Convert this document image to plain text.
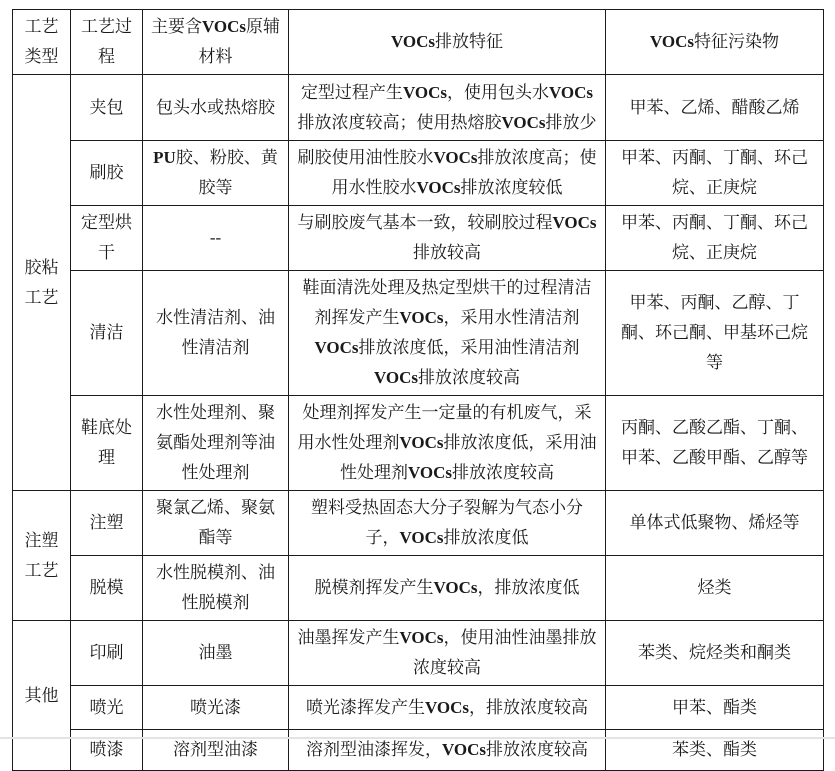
工艺类型	工艺过程	主要含VOCs原辅材料	VOCs排放特征	VOCs特征污染物
胶粘工艺	夹包	包头水或热熔胶	定型过程产生VOCs，使用包头水VOCs排放浓度较高；使用热熔胶VOCs排放少	甲苯、乙烯、醋酸乙烯
	刷胶	PU胶、粉胶、黄胶等	刷胶使用油性胶水VOCs排放浓度高；使用水性胶水VOCs排放浓度较低	甲苯、丙酮、丁酮、环己烷、正庚烷
	定型烘干	--	与刷胶废气基本一致，较刷胶过程VOCs排放较高	甲苯、丙酮、丁酮、环己烷、正庚烷
	清洁	水性清洁剂、油性清洁剂	鞋面清洗处理及热定型烘干的过程清洁剂挥发产生VOCs，采用水性清洁剂VOCs排放浓度低，采用油性清洁剂VOCs排放浓度较高	甲苯、丙酮、乙醇、丁酮、环己酮、甲基环己烷等
	鞋底处理	水性处理剂、聚氨酯处理剂等油性处理剂	处理剂挥发产生一定量的有机废气，采用水性处理剂VOCs排放浓度低，采用油性处理剂VOCs排放浓度较高	丙酮、乙酸乙酯、丁酮、甲苯、乙酸甲酯、乙醇等
注塑工艺	注塑	聚氯乙烯、聚氨酯等	塑料受热固态大分子裂解为气态小分子，VOCs排放浓度低	单体式低聚物、烯烃等
	脱模	水性脱模剂、油性脱模剂	脱模剂挥发产生VOCs，排放浓度低	烃类
其他	印刷	油墨	油墨挥发产生VOCs，使用油性油墨排放浓度较高	苯类、烷烃类和酮类
	喷光	喷光漆	喷光漆挥发产生VOCs，排放浓度较高	甲苯、酯类
	喷漆	溶剂型油漆	溶剂型油漆挥发，VOCs排放浓度较高	苯类、酯类
